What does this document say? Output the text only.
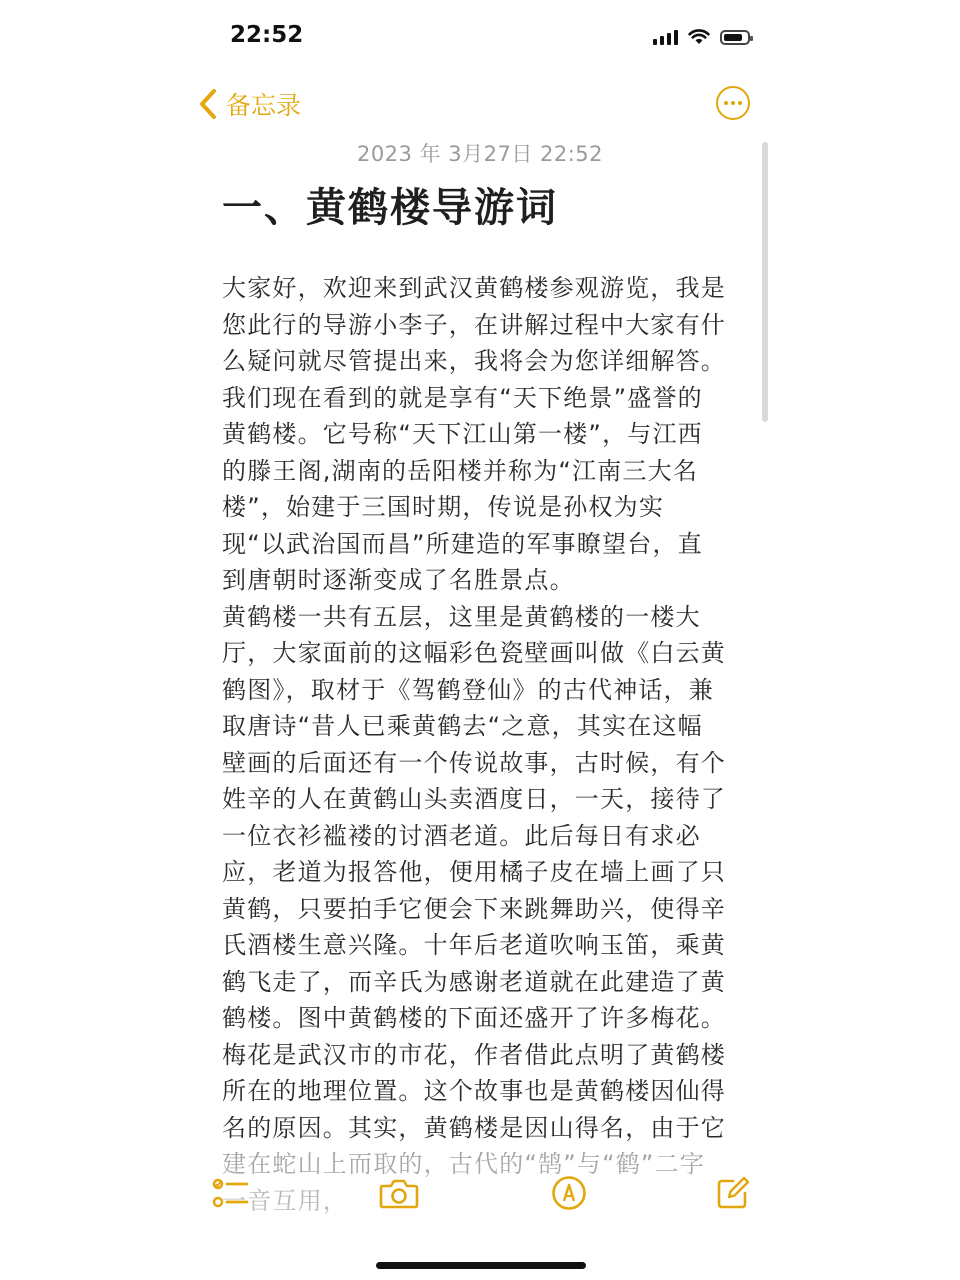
22:52
备忘录
2023 年 3月27日 22:52
一、黄鹤楼导游词

大家好，欢迎来到武汉黄鹤楼参观游览，我是您此行的导游小李子，在讲解过程中大家有什么疑问就尽管提出来，我将会为您详细解答。

我们现在看到的就是享有“天下绝景”盛誉的黄鹤楼。它号称“天下江山第一楼”，与江西的滕王阁,湖南的岳阳楼并称为“江南三大名楼”，始建于三国时期，传说是孙权为实现“以武治国而昌”所建造的军事瞭望台，直到唐朝时逐渐变成了名胜景点。

黄鹤楼一共有五层，这里是黄鹤楼的一楼大厅，大家面前的这幅彩色瓷壁画叫做《白云黄鹤图》，取材于《驾鹤登仙》的古代神话，兼取唐诗“昔人已乘黄鹤去“之意，其实在这幅壁画的后面还有一个传说故事，古时候，有个姓辛的人在黄鹤山头卖酒度日，一天，接待了一位衣衫褴褛的讨酒老道。此后每日有求必应，老道为报答他，便用橘子皮在墙上画了只黄鹤，只要拍手它便会下来跳舞助兴，使得辛氏酒楼生意兴隆。十年后老道吹响玉笛，乘黄鹤飞走了，而辛氏为感谢老道就在此建造了黄鹤楼。图中黄鹤楼的下面还盛开了许多梅花。梅花是武汉市的市花，作者借此点明了黄鹤楼所在的地理位置。这个故事也是黄鹤楼因仙得名的原因。其实，黄鹤楼是因山得名，由于它
